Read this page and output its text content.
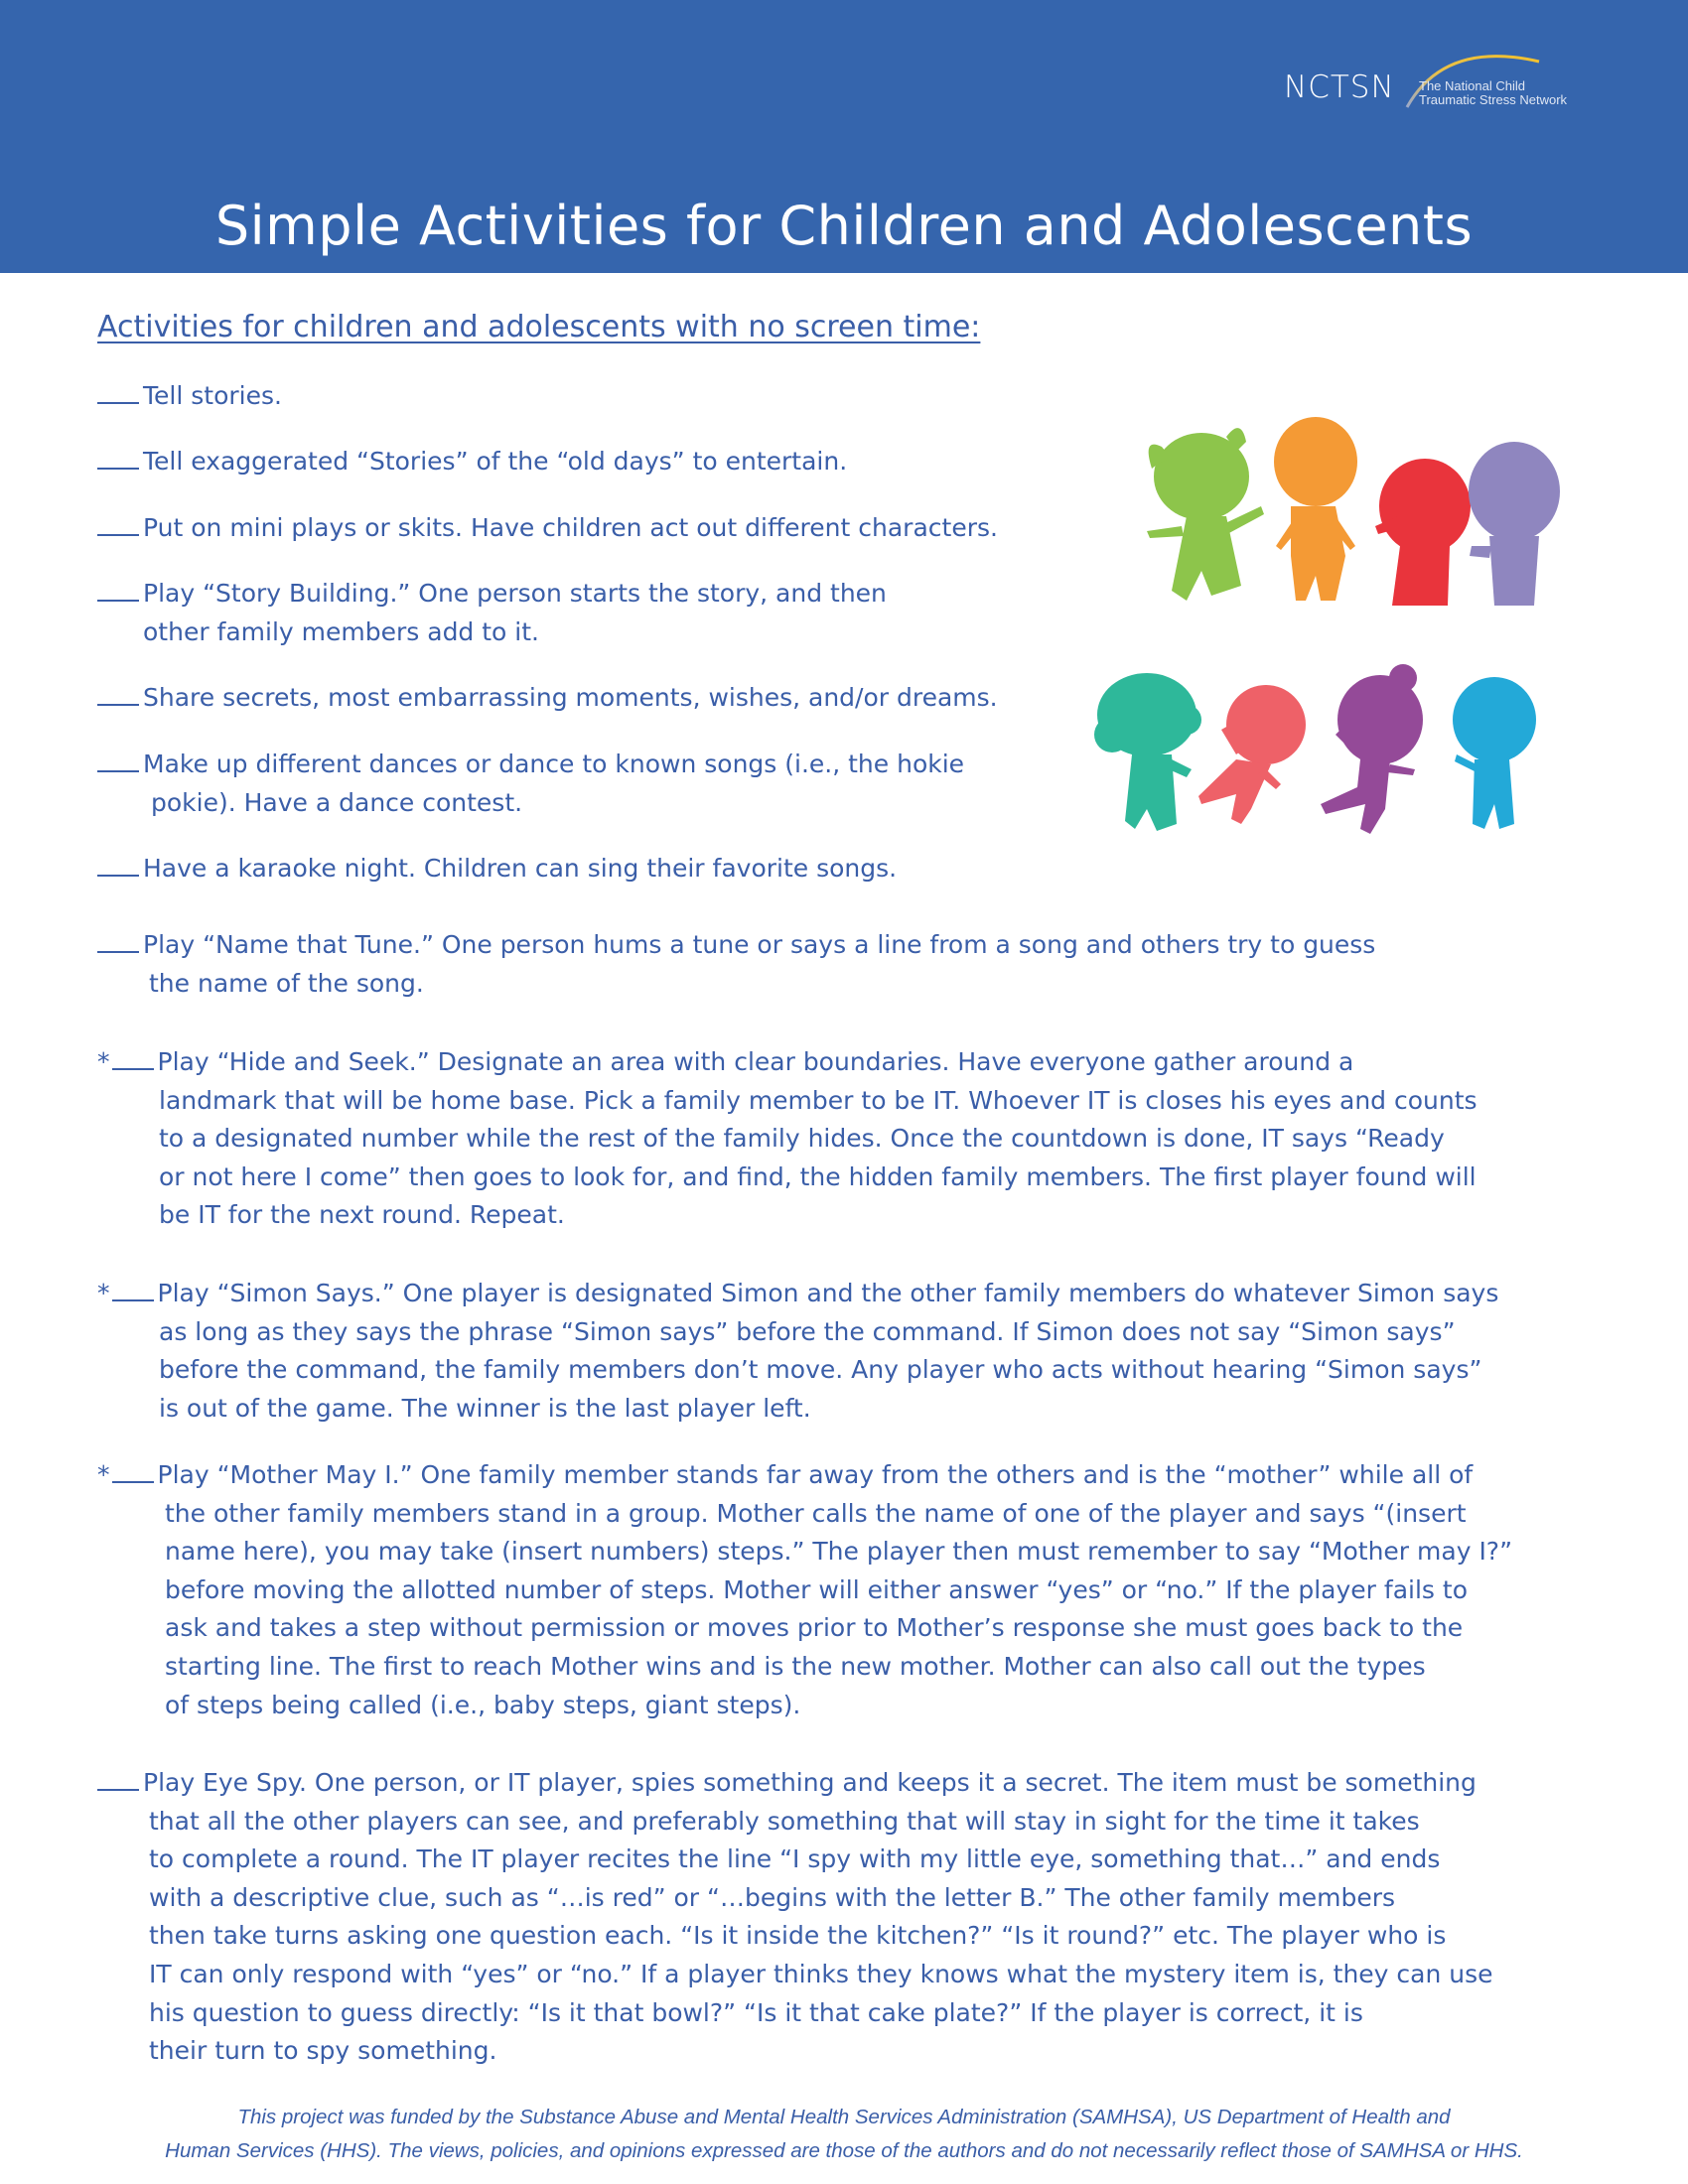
NCTSN The National Child
Traumatic Stress Network
Simple Activities for Children and Adolescents
Activities for children and adolescents with no screen time:
Tell stories.
Tell exaggerated “Stories” of the “old days” to entertain.
Put on mini plays or skits. Have children act out different characters.
Play “Story Building.” One person starts the story, and then
other family members add to it.
Share secrets, most embarrassing moments, wishes, and/or dreams.
Make up different dances or dance to known songs (i.e., the hokie
pokie). Have a dance contest.
Have a karaoke night. Children can sing their favorite songs.
Play “Name that Tune.” One person hums a tune or says a line from a song and others try to guess
the name of the song.
* Play “Hide and Seek.” Designate an area with clear boundaries. Have everyone gather around a
landmark that will be home base. Pick a family member to be IT. Whoever IT is closes his eyes and counts
to a designated number while the rest of the family hides. Once the countdown is done, IT says “Ready
or not here I come” then goes to look for, and find, the hidden family members. The first player found will
be IT for the next round. Repeat.
* Play “Simon Says.” One player is designated Simon and the other family members do whatever Simon says
as long as they says the phrase “Simon says” before the command. If Simon does not say “Simon says”
before the command, the family members don’t move. Any player who acts without hearing “Simon says”
is out of the game. The winner is the last player left.
* Play “Mother May I.” One family member stands far away from the others and is the “mother” while all of
the other family members stand in a group. Mother calls the name of one of the player and says “(insert
name here), you may take (insert numbers) steps.” The player then must remember to say “Mother may I?”
before moving the allotted number of steps. Mother will either answer “yes” or “no.” If the player fails to
ask and takes a step without permission or moves prior to Mother’s response she must goes back to the
starting line. The first to reach Mother wins and is the new mother. Mother can also call out the types
of steps being called (i.e., baby steps, giant steps).
Play Eye Spy. One person, or IT player, spies something and keeps it a secret. The item must be something
that all the other players can see, and preferably something that will stay in sight for the time it takes
to complete a round. The IT player recites the line “I spy with my little eye, something that…” and ends
with a descriptive clue, such as “…is red” or “…begins with the letter B.” The other family members
then take turns asking one question each. “Is it inside the kitchen?” “Is it round?” etc. The player who is
IT can only respond with “yes” or “no.” If a player thinks they knows what the mystery item is, they can use
his question to guess directly: “Is it that bowl?” “Is it that cake plate?” If the player is correct, it is
their turn to spy something.
This project was funded by the Substance Abuse and Mental Health Services Administration (SAMHSA), US Department of Health and
Human Services (HHS). The views, policies, and opinions expressed are those of the authors and do not necessarily reflect those of SAMHSA or HHS.
